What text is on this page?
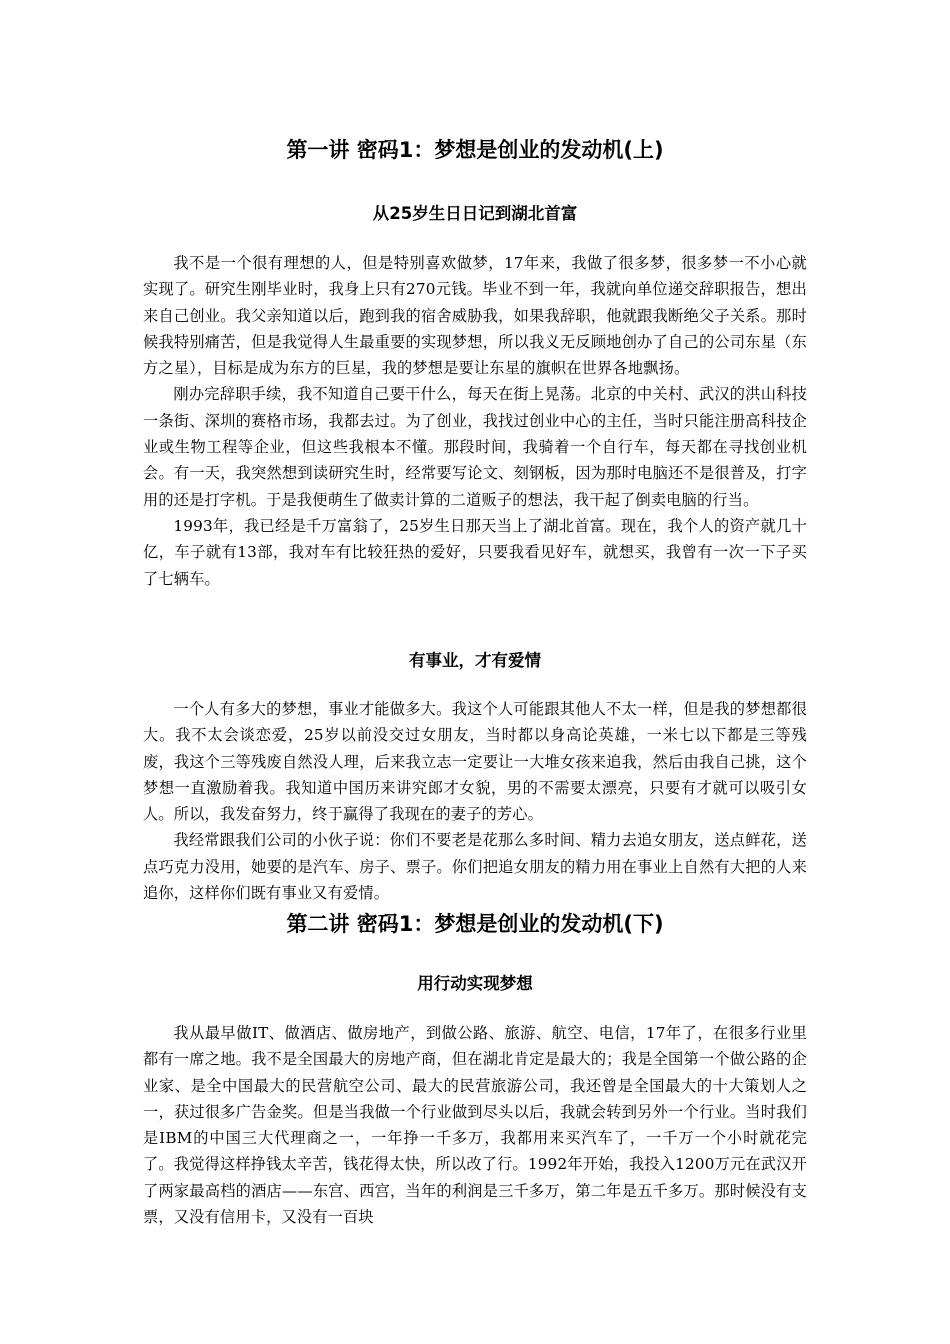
第一讲 密码1：梦想是创业的发动机(上)
从25岁生日日记到湖北首富

我不是一个很有理想的人，但是特别喜欢做梦，17年来，我做了很多梦，很多梦一不小心就实现了。研究生刚毕业时，我身上只有270元钱。毕业不到一年，我就向单位递交辞职报告，想出来自己创业。我父亲知道以后，跑到我的宿舍威胁我，如果我辞职，他就跟我断绝父子关系。那时候我特别痛苦，但是我觉得人生最重要的实现梦想，所以我义无反顾地创办了自己的公司东星（东方之星），目标是成为东方的巨星，我的梦想是要让东星的旗帜在世界各地飘扬。

刚办完辞职手续，我不知道自己要干什么，每天在街上晃荡。北京的中关村、武汉的洪山科技一条街、深圳的赛格市场，我都去过。为了创业，我找过创业中心的主任，当时只能注册高科技企业或生物工程等企业，但这些我根本不懂。那段时间，我骑着一个自行车，每天都在寻找创业机会。有一天，我突然想到读研究生时，经常要写论文、刻钢板，因为那时电脑还不是很普及，打字用的还是打字机。于是我便萌生了做卖计算的二道贩子的想法，我干起了倒卖电脑的行当。

1993年，我已经是千万富翁了，25岁生日那天当上了湖北首富。现在，我个人的资产就几十亿，车子就有13部，我对车有比较狂热的爱好，只要我看见好车，就想买，我曾有一次一下子买了七辆车。

有事业，才有爱情

一个人有多大的梦想，事业才能做多大。我这个人可能跟其他人不太一样，但是我的梦想都很大。我不太会谈恋爱，25岁以前没交过女朋友，当时都以身高论英雄，一米七以下都是三等残废，我这个三等残废自然没人理，后来我立志一定要让一大堆女孩来追我，然后由我自己挑，这个梦想一直激励着我。我知道中国历来讲究郎才女貌，男的不需要太漂亮，只要有才就可以吸引女人。所以，我发奋努力，终于赢得了我现在的妻子的芳心。

我经常跟我们公司的小伙子说：你们不要老是花那么多时间、精力去追女朋友，送点鲜花，送点巧克力没用，她要的是汽车、房子、票子。你们把追女朋友的精力用在事业上自然有大把的人来追你，这样你们既有事业又有爱情。

第二讲 密码1：梦想是创业的发动机(下)
用行动实现梦想

我从最早做IT、做酒店、做房地产，到做公路、旅游、航空、电信，17年了，在很多行业里都有一席之地。我不是全国最大的房地产商，但在湖北肯定是最大的；我是全国第一个做公路的企业家、是全中国最大的民营航空公司、最大的民营旅游公司，我还曾是全国最大的十大策划人之一，获过很多广告金奖。但是当我做一个行业做到尽头以后，我就会转到另外一个行业。当时我们是IBM的中国三大代理商之一，一年挣一千多万，我都用来买汽车了，一千万一个小时就花完了。我觉得这样挣钱太辛苦，钱花得太快，所以改了行。1992年开始，我投入1200万元在武汉开了两家最高档的酒店——东宫、西宫，当年的利润是三千多万，第二年是五千多万。那时候没有支票，又没有信用卡，又没有一百块
